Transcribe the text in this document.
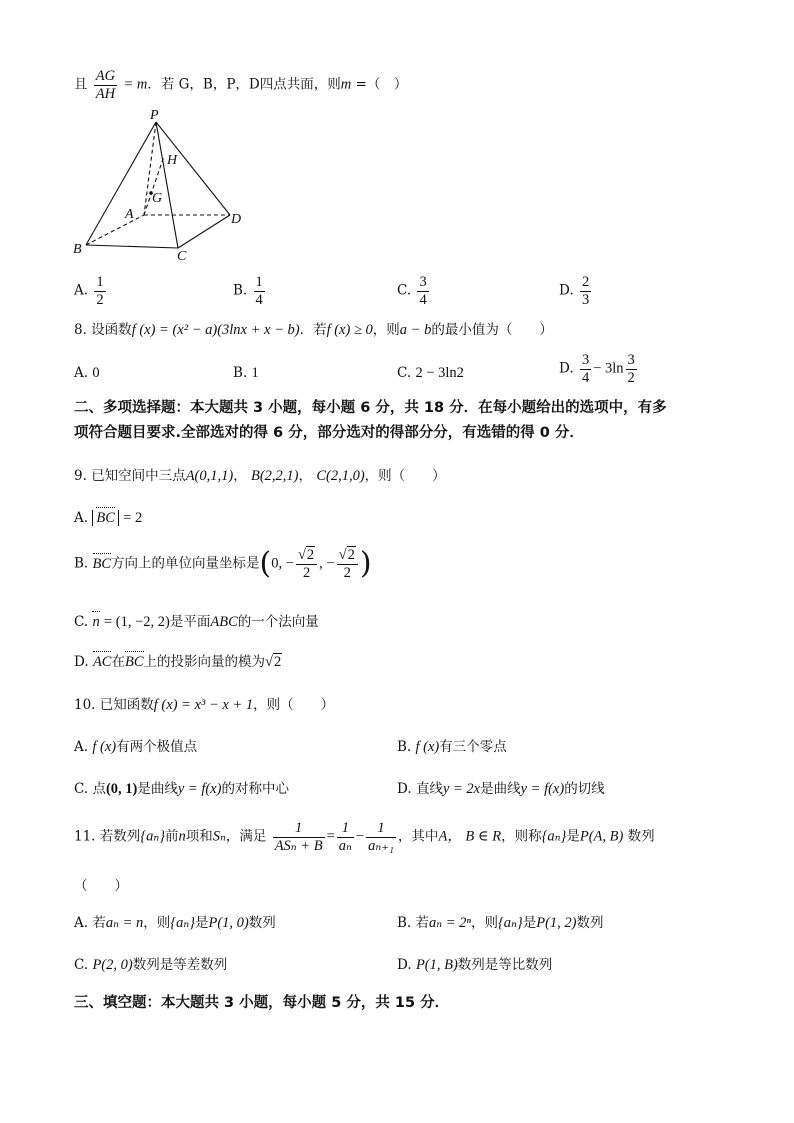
且 $\frac{AG}{AH} = m$．若 G，B，P，D四点共面，则m =（　）
P
H
G
A	D
B	C
A. $\frac{1}{2}$	B. $\frac{1}{4}$	C. $\frac{3}{4}$	D. $\frac{2}{3}$
8. 设函数f (x) = (x² − a)(3lnx + x − b)．若f (x) ≥ 0，则a − b的最小值为（　　）
A. 0	B. 1	C. 2 − 3ln2	D. $\frac{3}{4} - 3\ln \frac{3}{2}$
二、多项选择题：本大题共 3 小题，每小题 6 分，共 18 分．在每小题给出的选项中，有多
项符合题目要求.全部选对的得 6 分，部分选对的得部分分，有选错的得 0 分．
9. 已知空间中三点A(0,1,1)， B(2,2,1)， C(2,1,0)，则（　　）
A. BC = 2
B. BC方向上的单位向量坐标是(0, − $\frac{√2}{2}$ , − $\frac{√2}{2}$ )
C. n = (1, −2, 2)是平面ABC的一个法向量
D. AC在BC上的投影向量的模为√2
10. 已知函数f (x) = x³ − x + 1，则（　　）
A. f (x)有两个极值点	B. f (x)有三个零点
C. 点(0, 1)是曲线y = f(x)的对称中心	D. 直线y = 2x是曲线y = f(x)的切线
11. 若数列{aₙ}前n项和Sₙ，满足 $\frac{1}{\text{ASₙ + B}} = \frac{1}{\text{aₙ}} - \frac{1}{\text{aₙ₊₁}}$ ，其中A， B ∈ R，则称{aₙ}是P(A, B) 数列
（　　）
A. 若aₙ = n，则{aₙ}是P(1, 0)数列	B. 若aₙ = 2ⁿ，则{aₙ}是P(1, 2)数列
C. P(2, 0)数列是等差数列	D. P(1, B)数列是等比数列
三、填空题：本大题共 3 小题，每小题 5 分，共 15 分．
